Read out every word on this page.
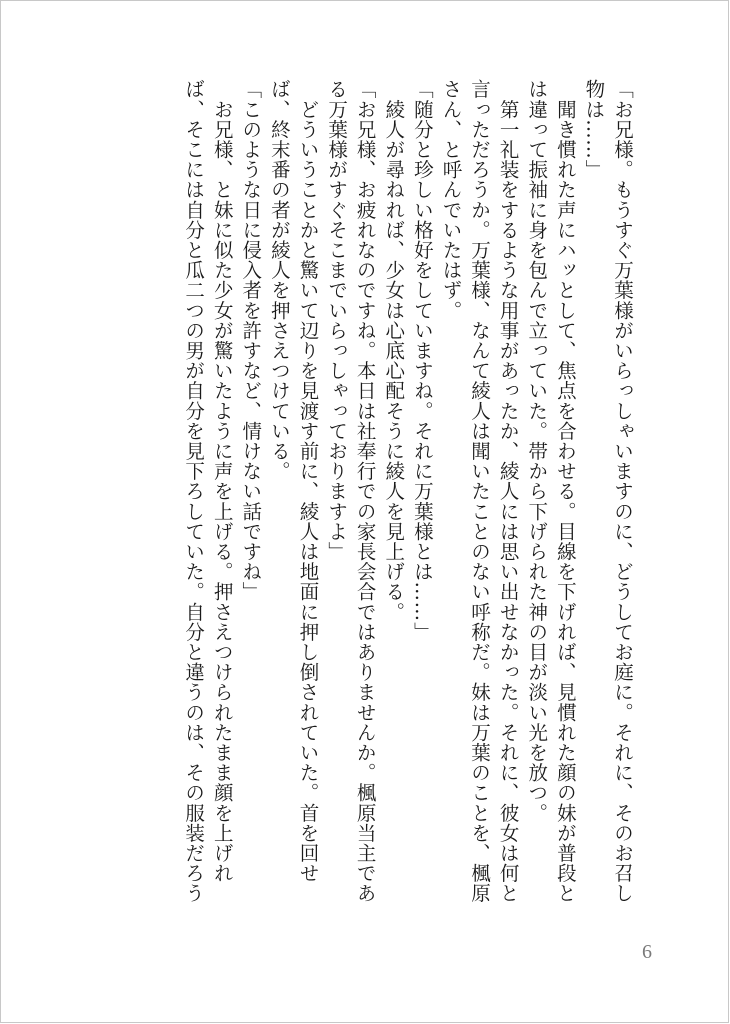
「お兄様。もうすぐ万葉様がいらっしゃいますのに、どうしてお庭に。それに、そのお召し
物は……」
　聞き慣れた声にハッとして、焦点を合わせる。目線を下げれば、見慣れた顔の妹が普段と
は違って振袖に身を包んで立っていた。帯から下げられた神の目が淡い光を放つ。
　第一礼装をするような用事があったか、綾人には思い出せなかった。それに、彼女は何と
言っただろうか。万葉様、なんて綾人は聞いたことのない呼称だ。妹は万葉のことを、楓原
さん、と呼んでいたはず。
「随分と珍しい格好をしていますね。それに万葉様とは……」
　綾人が尋ねれば、少女は心底心配そうに綾人を見上げる。
「お兄様、お疲れなのですね。本日は社奉行での家長会合ではありませんか。楓原当主であ
る万葉様がすぐそこまでいらっしゃっておりますよ」
　どういうことかと驚いて辺りを見渡す前に、綾人は地面に押し倒されていた。首を回せ
ば、終末番の者が綾人を押さえつけている。
「このような日に侵入者を許すなど、情けない話ですね」
　お兄様、と妹に似た少女が驚いたように声を上げる。押さえつけられたまま顔を上げれ
ば、そこには自分と瓜二つの男が自分を見下ろしていた。自分と違うのは、その服装だろう
6
